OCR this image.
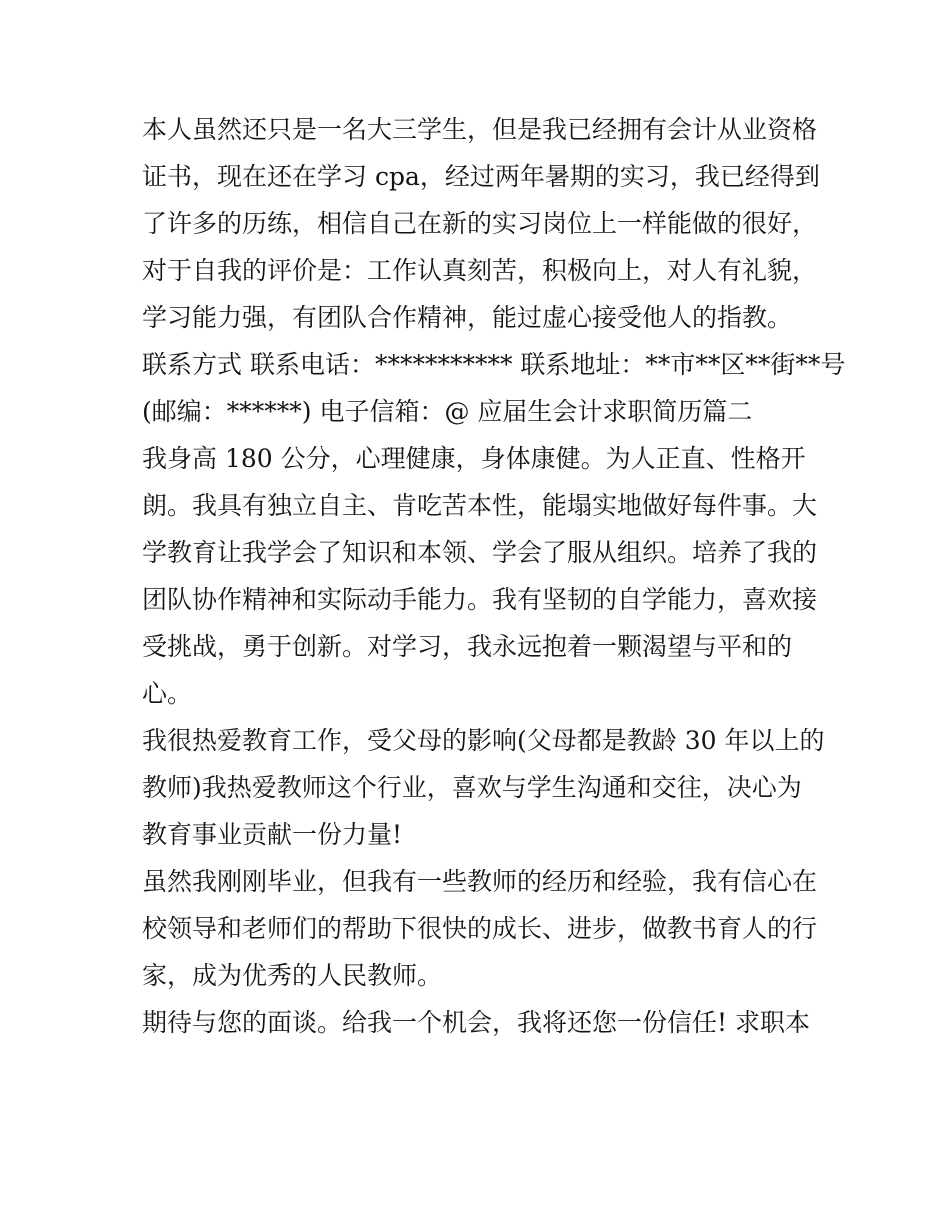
本人虽然还只是一名大三学生，但是我已经拥有会计从业资格
证书，现在还在学习 cpa，经过两年暑期的实习，我已经得到
了许多的历练，相信自己在新的实习岗位上一样能做的很好，
对于自我的评价是：工作认真刻苦，积极向上，对人有礼貌，
学习能力强，有团队合作精神，能过虚心接受他人的指教。
联系方式 联系电话：*********** 联系地址：**市**区**街**号
(邮编：******) 电子信箱：@ 应届生会计求职简历篇二
我身高 180 公分，心理健康，身体康健。为人正直、性格开
朗。我具有独立自主、肯吃苦本性，能塌实地做好每件事。大
学教育让我学会了知识和本领、学会了服从组织。培养了我的
团队协作精神和实际动手能力。我有坚韧的自学能力，喜欢接
受挑战，勇于创新。对学习，我永远抱着一颗渴望与平和的
心。
我很热爱教育工作，受父母的影响(父母都是教龄 30 年以上的
教师)我热爱教师这个行业，喜欢与学生沟通和交往，决心为
教育事业贡献一份力量!
虽然我刚刚毕业，但我有一些教师的经历和经验，我有信心在
校领导和老师们的帮助下很快的成长、进步，做教书育人的行
家，成为优秀的人民教师。
期待与您的面谈。给我一个机会，我将还您一份信任! 求职本
